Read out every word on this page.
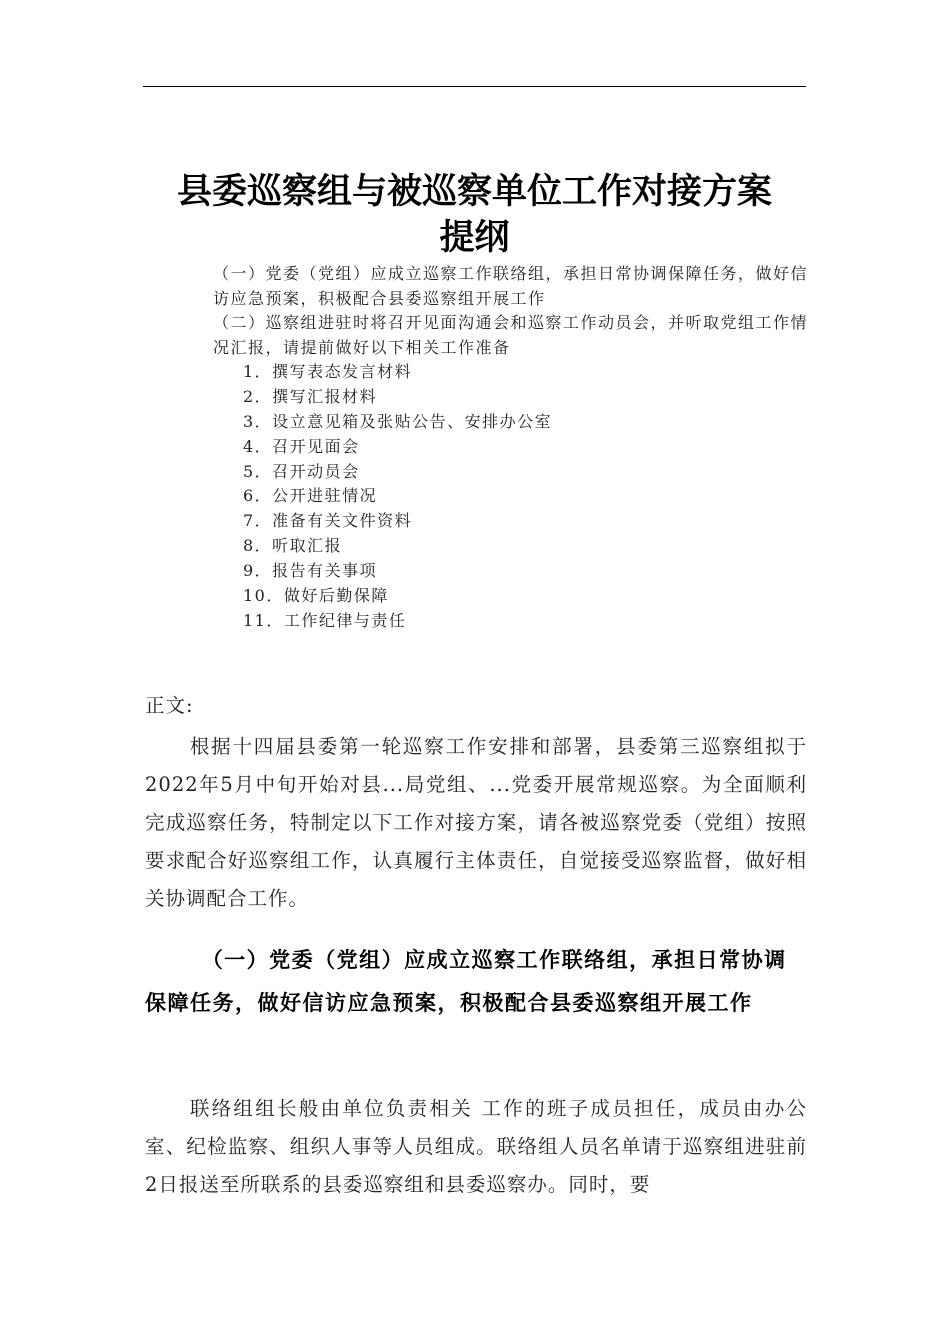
县委巡察组与被巡察单位工作对接方案
提纲

（一）党委（党组）应成立巡察工作联络组，承担日常协调保障任务，做好信访应急预案，积极配合县委巡察组开展工作

（二）巡察组进驻时将召开见面沟通会和巡察工作动员会，并听取党组工作情况汇报，请提前做好以下相关工作准备

1．撰写表态发言材料
2．撰写汇报材料
3．设立意见箱及张贴公告、安排办公室
4．召开见面会
5．召开动员会
6．公开进驻情况
7．准备有关文件资料
8．听取汇报
9．报告有关事项
10．做好后勤保障
11．工作纪律与责任
正文:
根据十四届县委第一轮巡察工作安排和部署，县委第三巡察组拟于2022年5月中旬开始对县...局党组、...党委开展常规巡察。为全面顺利完成巡察任务，特制定以下工作对接方案，请各被巡察党委（党组）按照要求配合好巡察组工作，认真履行主体责任，自觉接受巡察监督，做好相关协调配合工作。
（一）党委（党组）应成立巡察工作联络组，承担日常协调保障任务，做好信访应急预案，积极配合县委巡察组开展工作
联络组组长般由单位负责相关 工作的班子成员担任，成员由办公室、纪检监察、组织人事等人员组成。联络组人员名单请于巡察组进驻前2日报送至所联系的县委巡察组和县委巡察办。同时，要
